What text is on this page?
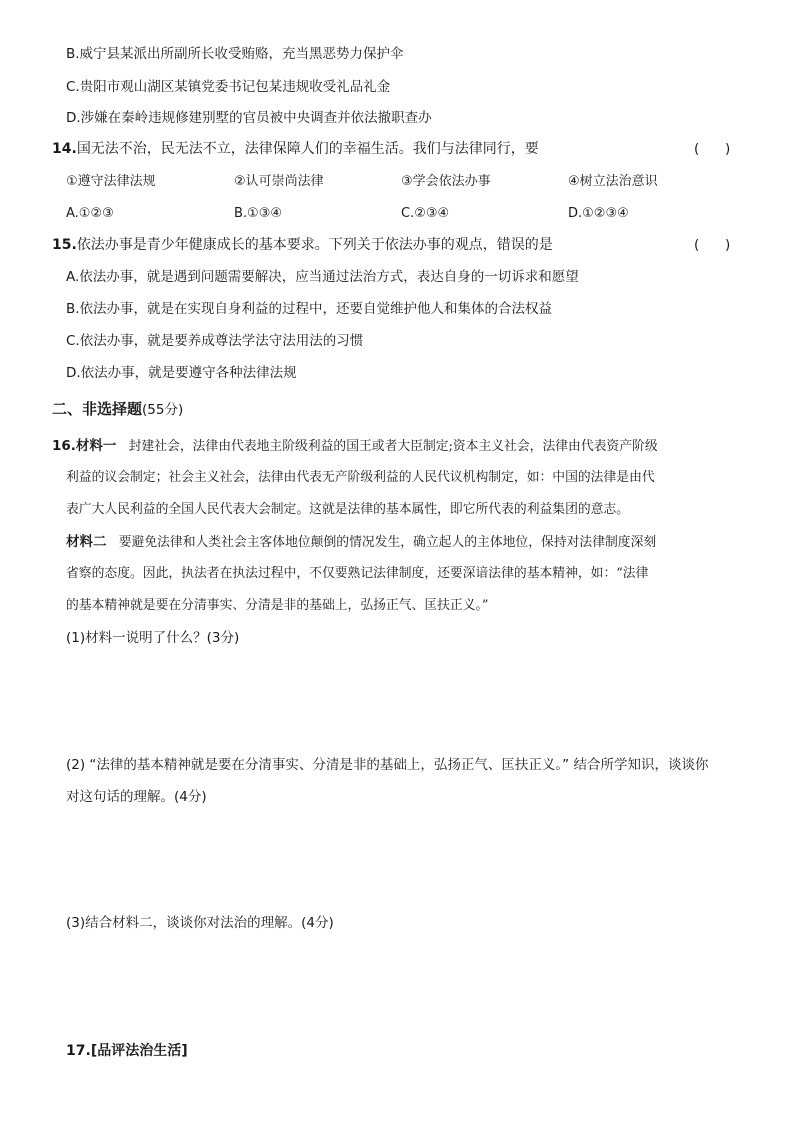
B.威宁县某派出所副所长收受贿赂，充当黑恶势力保护伞
C.贵阳市观山湖区某镇党委书记包某违规收受礼品礼金
D.涉嫌在秦岭违规修建别墅的官员被中央调查并依法撤职查办
14.国无法不治，民无法不立，法律保障人们的幸福生活。我们与法律同行，要	(      )
①遵守法律法规	②认可崇尚法律	③学会依法办事	④树立法治意识
A.①②③	B.①③④	C.②③④	D.①②③④
15.依法办事是青少年健康成长的基本要求。下列关于依法办事的观点，错误的是	(      )
A.依法办事，就是遇到问题需要解决，应当通过法治方式，表达自身的一切诉求和愿望
B.依法办事，就是在实现自身利益的过程中，还要自觉维护他人和集体的合法权益
C.依法办事，就是要养成尊法学法守法用法的习惯
D.依法办事，就是要遵守各种法律法规
二、非选择题(55分)
16.材料一 封建社会，法律由代表地主阶级利益的国王或者大臣制定;资本主义社会，法律由代表资产阶级
利益的议会制定；社会主义社会，法律由代表无产阶级利益的人民代议机构制定，如：中国的法律是由代
表广大人民利益的全国人民代表大会制定。这就是法律的基本属性，即它所代表的利益集团的意志。
材料二 要避免法律和人类社会主客体地位颠倒的情况发生，确立起人的主体地位，保持对法律制度深刻
省察的态度。因此，执法者在执法过程中，不仅要熟记法律制度，还要深谙法律的基本精神，如：“法律
的基本精神就是要在分清事实、分清是非的基础上，弘扬正气、匡扶正义。”
(1)材料一说明了什么？(3分)
(2) “法律的基本精神就是要在分清事实、分清是非的基础上，弘扬正气、匡扶正义。” 结合所学知识，谈谈你
对这句话的理解。(4分)
(3)结合材料二，谈谈你对法治的理解。(4分)
17.[品评法治生活]
